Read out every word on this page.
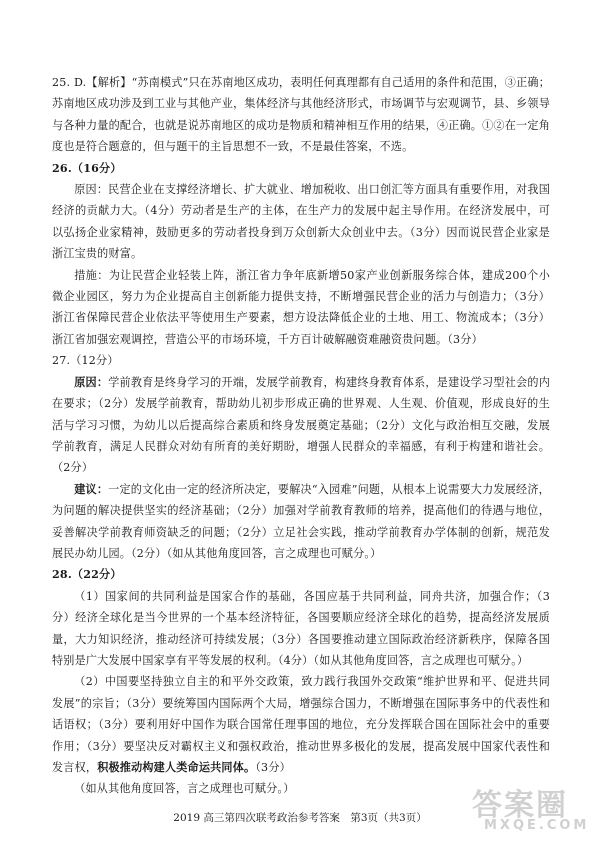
25. D.【解析】“苏南模式”只在苏南地区成功，表明任何真理都有自己适用的条件和范围，③正确；苏南地区成功涉及到工业与其他产业，集体经济与其他经济形式，市场调节与宏观调节，县、乡领导与各种力量的配合，也就是说苏南地区的成功是物质和精神相互作用的结果，④正确。①②在一定角度也是符合题意的，但与题干的主旨思想不一致，不是最佳答案，不选。

26.（16分）

原因：民营企业在支撑经济增长、扩大就业、增加税收、出口创汇等方面具有重要作用，对我国经济的贡献力大。（4分）劳动者是生产的主体，在生产力的发展中起主导作用。在经济发展中，可以弘扬企业家精神，鼓励更多的劳动者投身到万众创新大众创业中去。（3分）因而说民营企业家是浙江宝贵的财富。

措施：为让民营企业轻装上阵，浙江省力争年底新增50家产业创新服务综合体，建成200个小微企业园区，努力为企业提高自主创新能力提供支持，不断增强民营企业的活力与创造力；（3分）浙江省保障民营企业依法平等使用生产要素，想方设法降低企业的土地、用工、物流成本；（3分）浙江省加强宏观调控，营造公平的市场环境，千方百计破解融资难融资贵问题。（3分）

27.（12分）

原因：学前教育是终身学习的开端，发展学前教育，构建终身教育体系，是建设学习型社会的内在要求；（2分）发展学前教育，帮助幼儿初步形成正确的世界观、人生观、价值观，形成良好的生活与学习习惯，为幼儿以后提高综合素质和终身发展奠定基础；（2分）文化与政治相互交融，发展学前教育，满足人民群众对幼有所育的美好期盼，增强人民群众的幸福感，有利于构建和谐社会。（2分）

建议：一定的文化由一定的经济所决定，要解决“入园难”问题，从根本上说需要大力发展经济，为问题的解决提供坚实的经济基础；（2分）加强对学前教育教师的培养，提高他们的待遇与地位，妥善解决学前教育师资缺乏的问题；（2分）立足社会实践，推动学前教育办学体制的创新，规范发展民办幼儿园。（2分）（如从其他角度回答，言之成理也可赋分。）

28.（22分）

（1）国家间的共同利益是国家合作的基础，各国应基于共同利益，同舟共济，加强合作；（3分）经济全球化是当今世界的一个基本经济特征，各国要顺应经济全球化的趋势，提高经济发展质量，大力知识经济，推动经济可持续发展；（3分）各国要推动建立国际政治经济新秩序，保障各国特别是广大发展中国家享有平等发展的权利。（4分）（如从其他角度回答，言之成理也可赋分。）

（2）中国要坚持独立自主的和平外交政策，致力践行我国外交政策“维护世界和平、促进共同发展”的宗旨；（3分）要统筹国内国际两个大局，增强综合国力，不断增强在国际事务中的代表性和话语权；（3分）要利用好中国作为联合国常任理事国的地位，充分发挥联合国在国际社会中的重要作用；（3分）要坚决反对霸权主义和强权政治，推动世界多极化的发展，提高发展中国家代表性和发言权，积极推动构建人类命运共同体。（3分）

（如从其他角度回答，言之成理也可赋分。）

2019 高三第四次联考政治参考答案　第3页（共3页）	答案圈
MXQE.COM
